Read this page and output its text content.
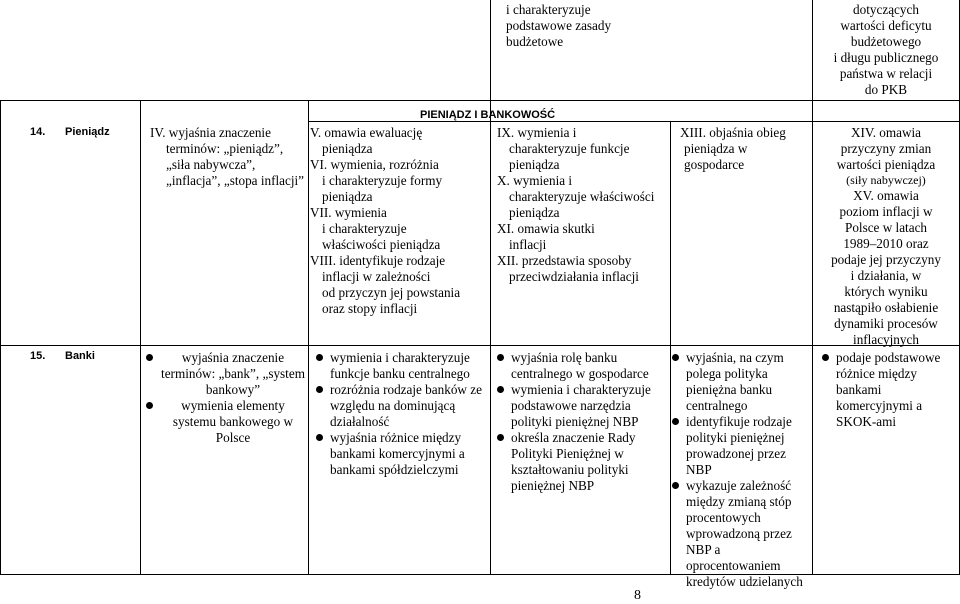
i charakteryzuje

podstawowe zasady

budżetowe

dotyczących

wartości deficytu

budżetowego

i długu publicznego

państwa w relacji

do PKB

PIENIĄDZ I BANKOWOŚĆ
14. Pieniądz	IV. wyjaśnia znaczenie

terminów: „pieniądz”,

„siła nabywcza”,

„inflacja”, „stopa inflacji”

V. omawia ewaluację

pieniądza

VI. wymienia, rozróżnia

i charakteryzuje formy

pieniądza

VII. wymienia

i charakteryzuje

właściwości pieniądza

VIII. identyfikuje rodzaje

inflacji w zależności

od przyczyn jej powstania

oraz stopy inflacji

IX. wymienia i

charakteryzuje funkcje

pieniądza

X. wymienia i

charakteryzuje właściwości

pieniądza

XI. omawia skutki

inflacji

XII. przedstawia sposoby

przeciwdziałania inflacji

XIII. objaśnia obieg

pieniądza w gospodarce

XIV. omawia

przyczyny zmian

wartości pieniądza

(siły nabywczej)

XV. omawia

poziom inflacji w

Polsce w latach

1989–2010 oraz

podaje jej przyczyny

i działania, w

których wyniku

nastąpiło osłabienie

dynamiki procesów

inflacyjnych

15. Banki	wyjaśnia znaczenie terminów: „bank”, „system bankowy”

wymienia elementy systemu bankowego w Polsce

wymienia i charakteryzuje funkcje banku centralnego

rozróżnia rodzaje banków ze względu na dominującą działalność

wyjaśnia różnice między bankami komercyjnymi a bankami spółdzielczymi

wyjaśnia rolę banku centralnego w gospodarce

wymienia i charakteryzuje podstawowe narzędzia polityki pieniężnej NBP

określa znaczenie Rady Polityki Pieniężnej w kształtowaniu polityki pieniężnej NBP

wyjaśnia, na czym polega polityka pieniężna banku centralnego

identyfikuje rodzaje polityki pieniężnej prowadzonej przez NBP

wykazuje zależność między zmianą stóp procentowych wprowadzoną przez NBP a oprocentowaniem kredytów udzielanych

podaje podstawowe różnice między bankami komercyjnymi a SKOK-ami

8
